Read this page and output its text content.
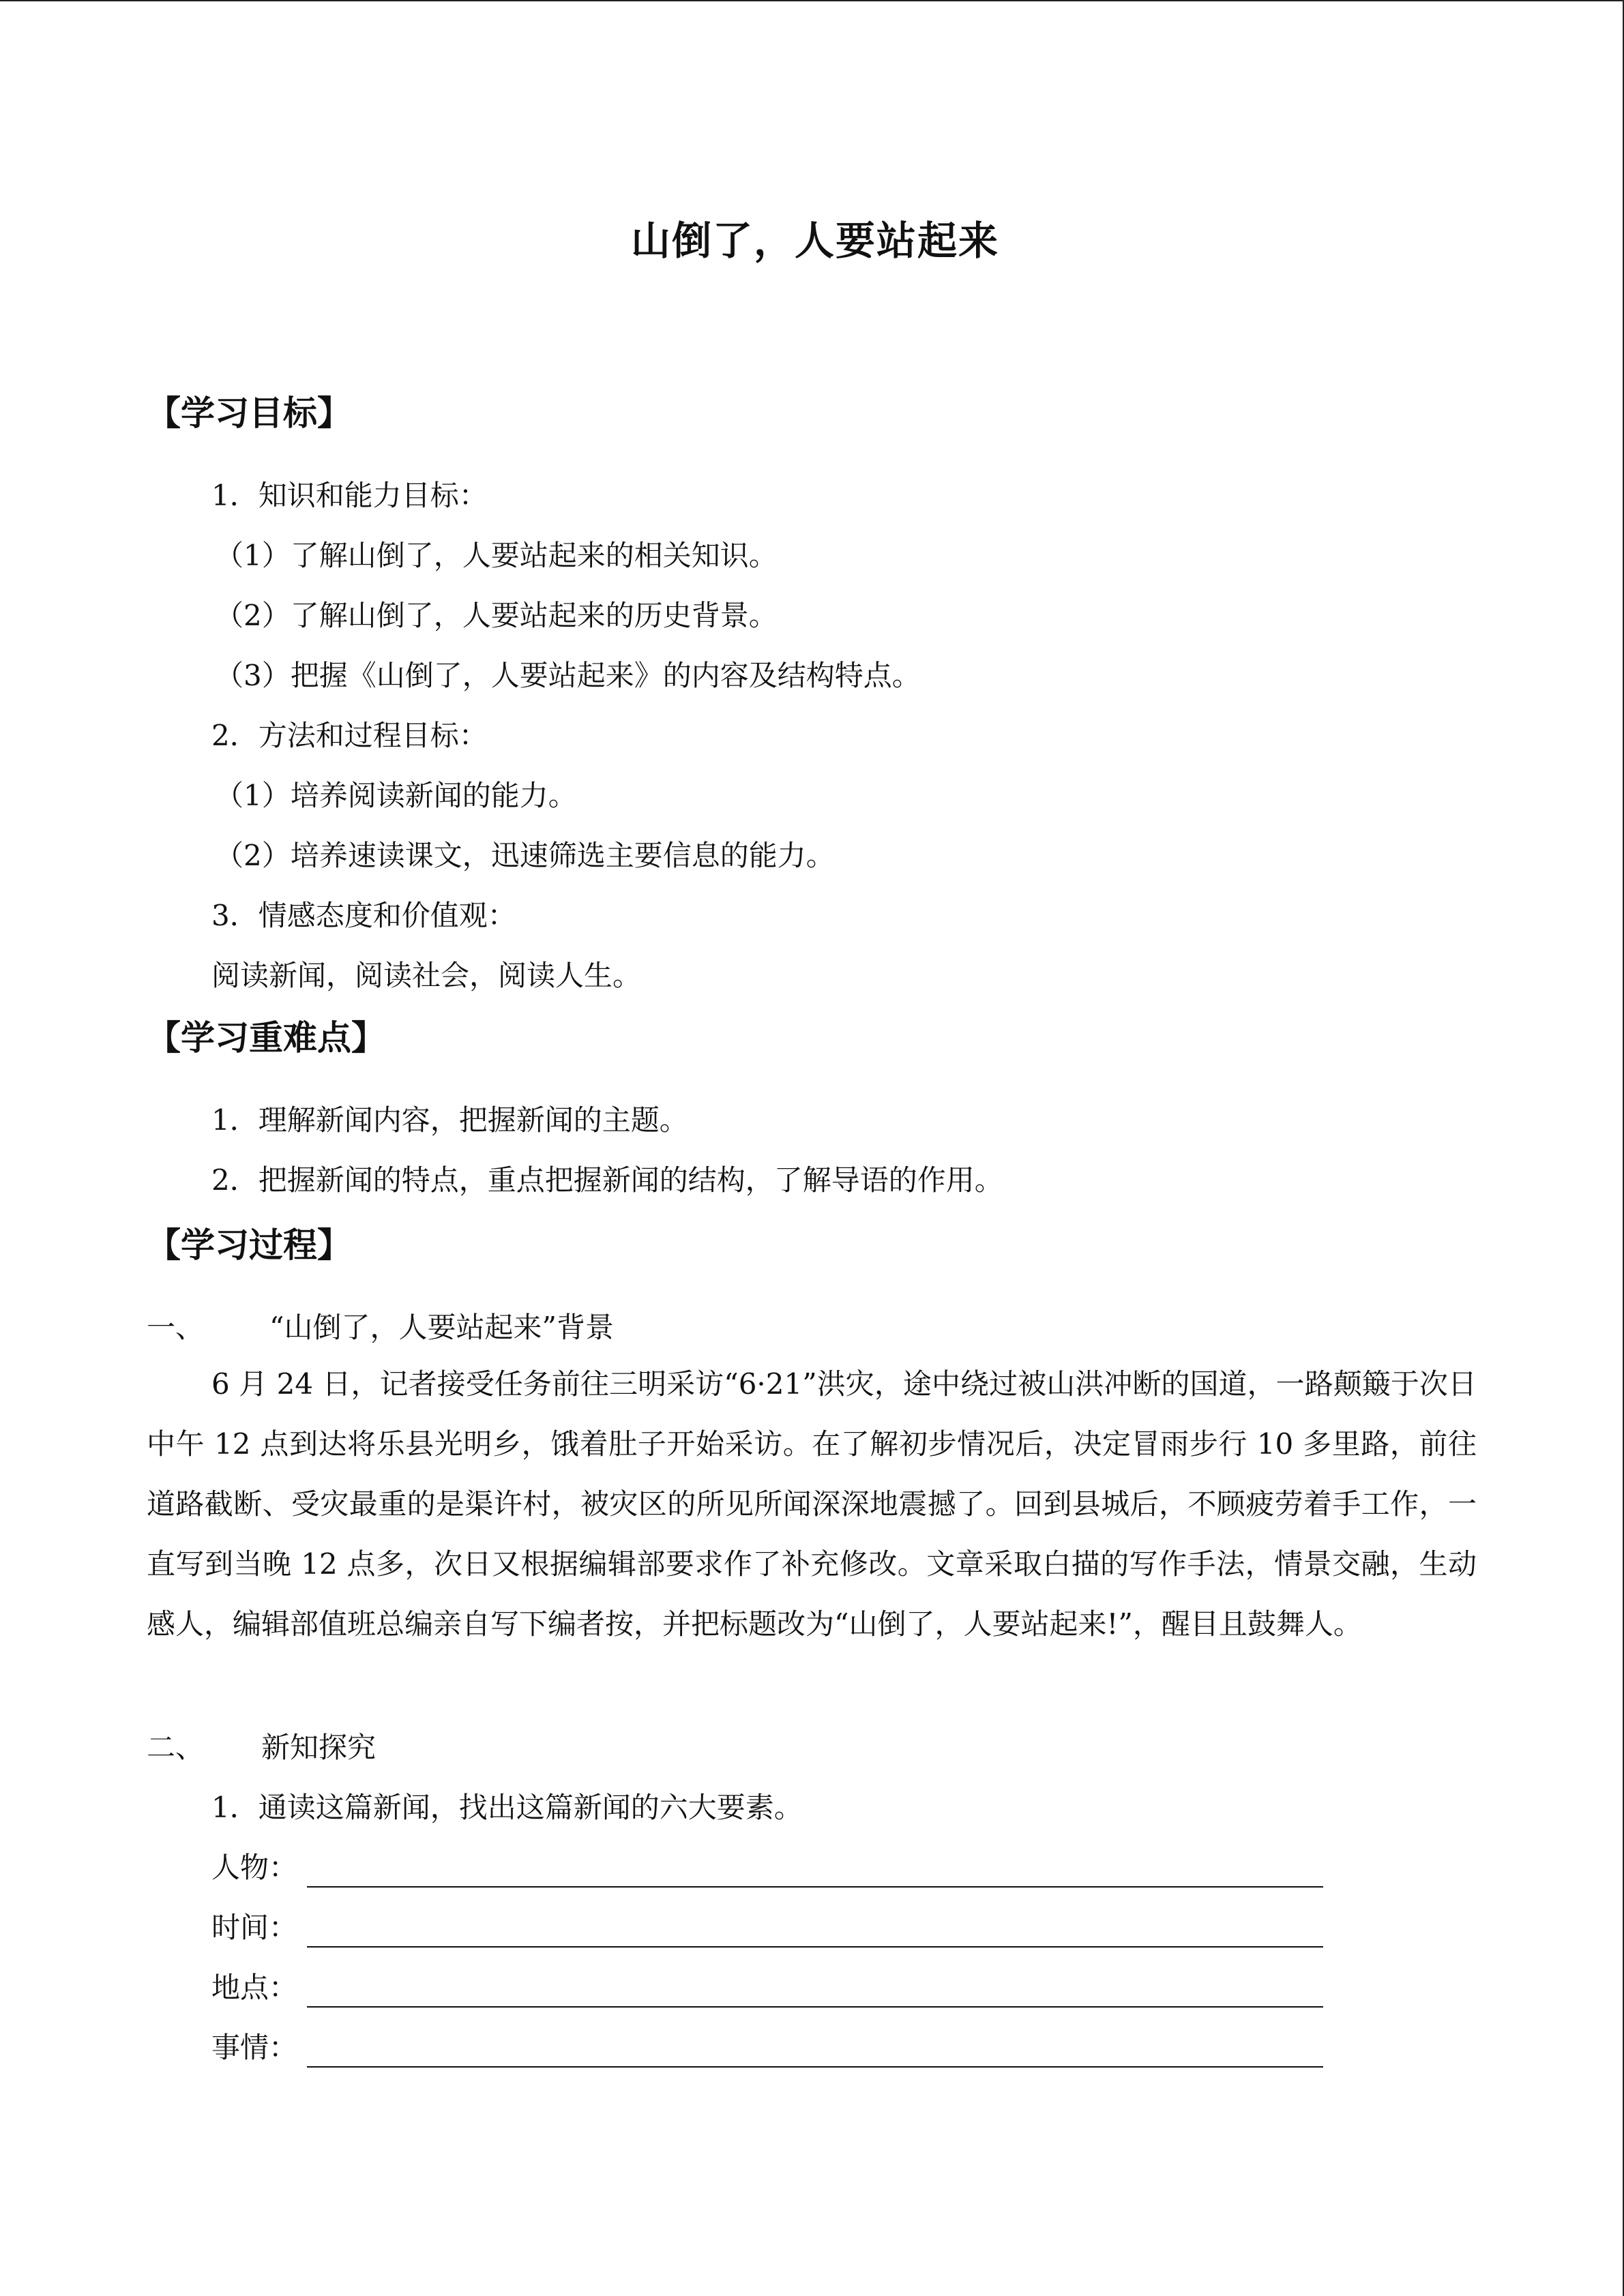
山倒了，人要站起来
【学习目标】
1．知识和能力目标：
（1）了解山倒了，人要站起来的相关知识。
（2）了解山倒了，人要站起来的历史背景。
（3）把握《山倒了，人要站起来》的内容及结构特点。
2．方法和过程目标：
（1）培养阅读新闻的能力。
（2）培养速读课文，迅速筛选主要信息的能力。
3．情感态度和价值观：
阅读新闻，阅读社会，阅读人生。
【学习重难点】
1．理解新闻内容，把握新闻的主题。
2．把握新闻的特点，重点把握新闻的结构，了解导语的作用。
【学习过程】
一、 “山倒了，人要站起来”背景
6 月 24 日，记者接受任务前往三明采访“6·21”洪灾，途中绕过被山洪冲断的国道，一路颠簸于次日中午 12 点到达将乐县光明乡，饿着肚子开始采访。在了解初步情况后，决定冒雨步行 10 多里路，前往道路截断、受灾最重的是渠许村，被灾区的所见所闻深深地震撼了。回到县城后，不顾疲劳着手工作，一直写到当晚 12 点多，次日又根据编辑部要求作了补充修改。文章采取白描的写作手法，情景交融，生动感人，编辑部值班总编亲自写下编者按，并把标题改为“山倒了，人要站起来!”，醒目且鼓舞人。
二、 新知探究
1．通读这篇新闻，找出这篇新闻的六大要素。
人物：
时间：
地点：
事情：
